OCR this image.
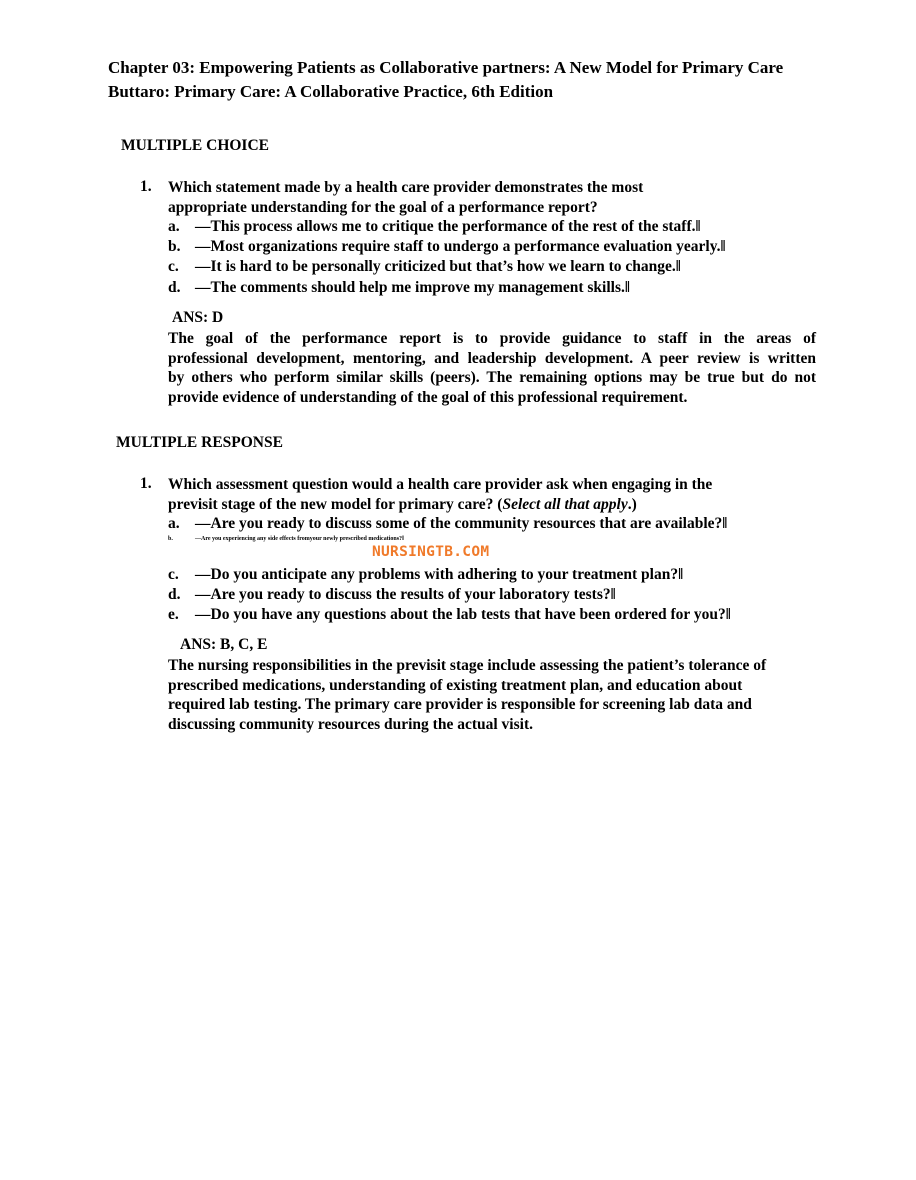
Chapter 03: Empowering Patients as Collaborative partners: A New Model for Primary Care
Buttaro: Primary Care: A Collaborative Practice, 6th Edition
MULTIPLE CHOICE
1. Which statement made by a health care provider demonstrates the most
appropriate understanding for the goal of a performance report?
a. ―This process allows me to critique the performance of the rest of the staff.‖
b. ―Most organizations require staff to undergo a performance evaluation yearly.‖
c. ―It is hard to be personally criticized but that’s how we learn to change.‖
d. ―The comments should help me improve my management skills.‖
ANS: D
The goal of the performance report is to provide guidance to staff in the areas of
professional development, mentoring, and leadership development. A peer review is written
by others who perform similar skills (peers). The remaining options may be true but do not
provide evidence of understanding of the goal of this professional requirement.
MULTIPLE RESPONSE
1. Which assessment question would a health care provider ask when engaging in the
previsit stage of the new model for primary care? (Select all that apply.)
a. ―Are you ready to discuss some of the community resources that are available?‖
b.	―Are you experiencing any side effects fromyour newly prescribed medications?‖
NURSINGTB.COM
c. ―Do you anticipate any problems with adhering to your treatment plan?‖
d. ―Are you ready to discuss the results of your laboratory tests?‖
e. ―Do you have any questions about the lab tests that have been ordered for you?‖
ANS: B, C, E
The nursing responsibilities in the previsit stage include assessing the patient’s tolerance of
prescribed medications, understanding of existing treatment plan, and education about
required lab testing. The primary care provider is responsible for screening lab data and
discussing community resources during the actual visit.
